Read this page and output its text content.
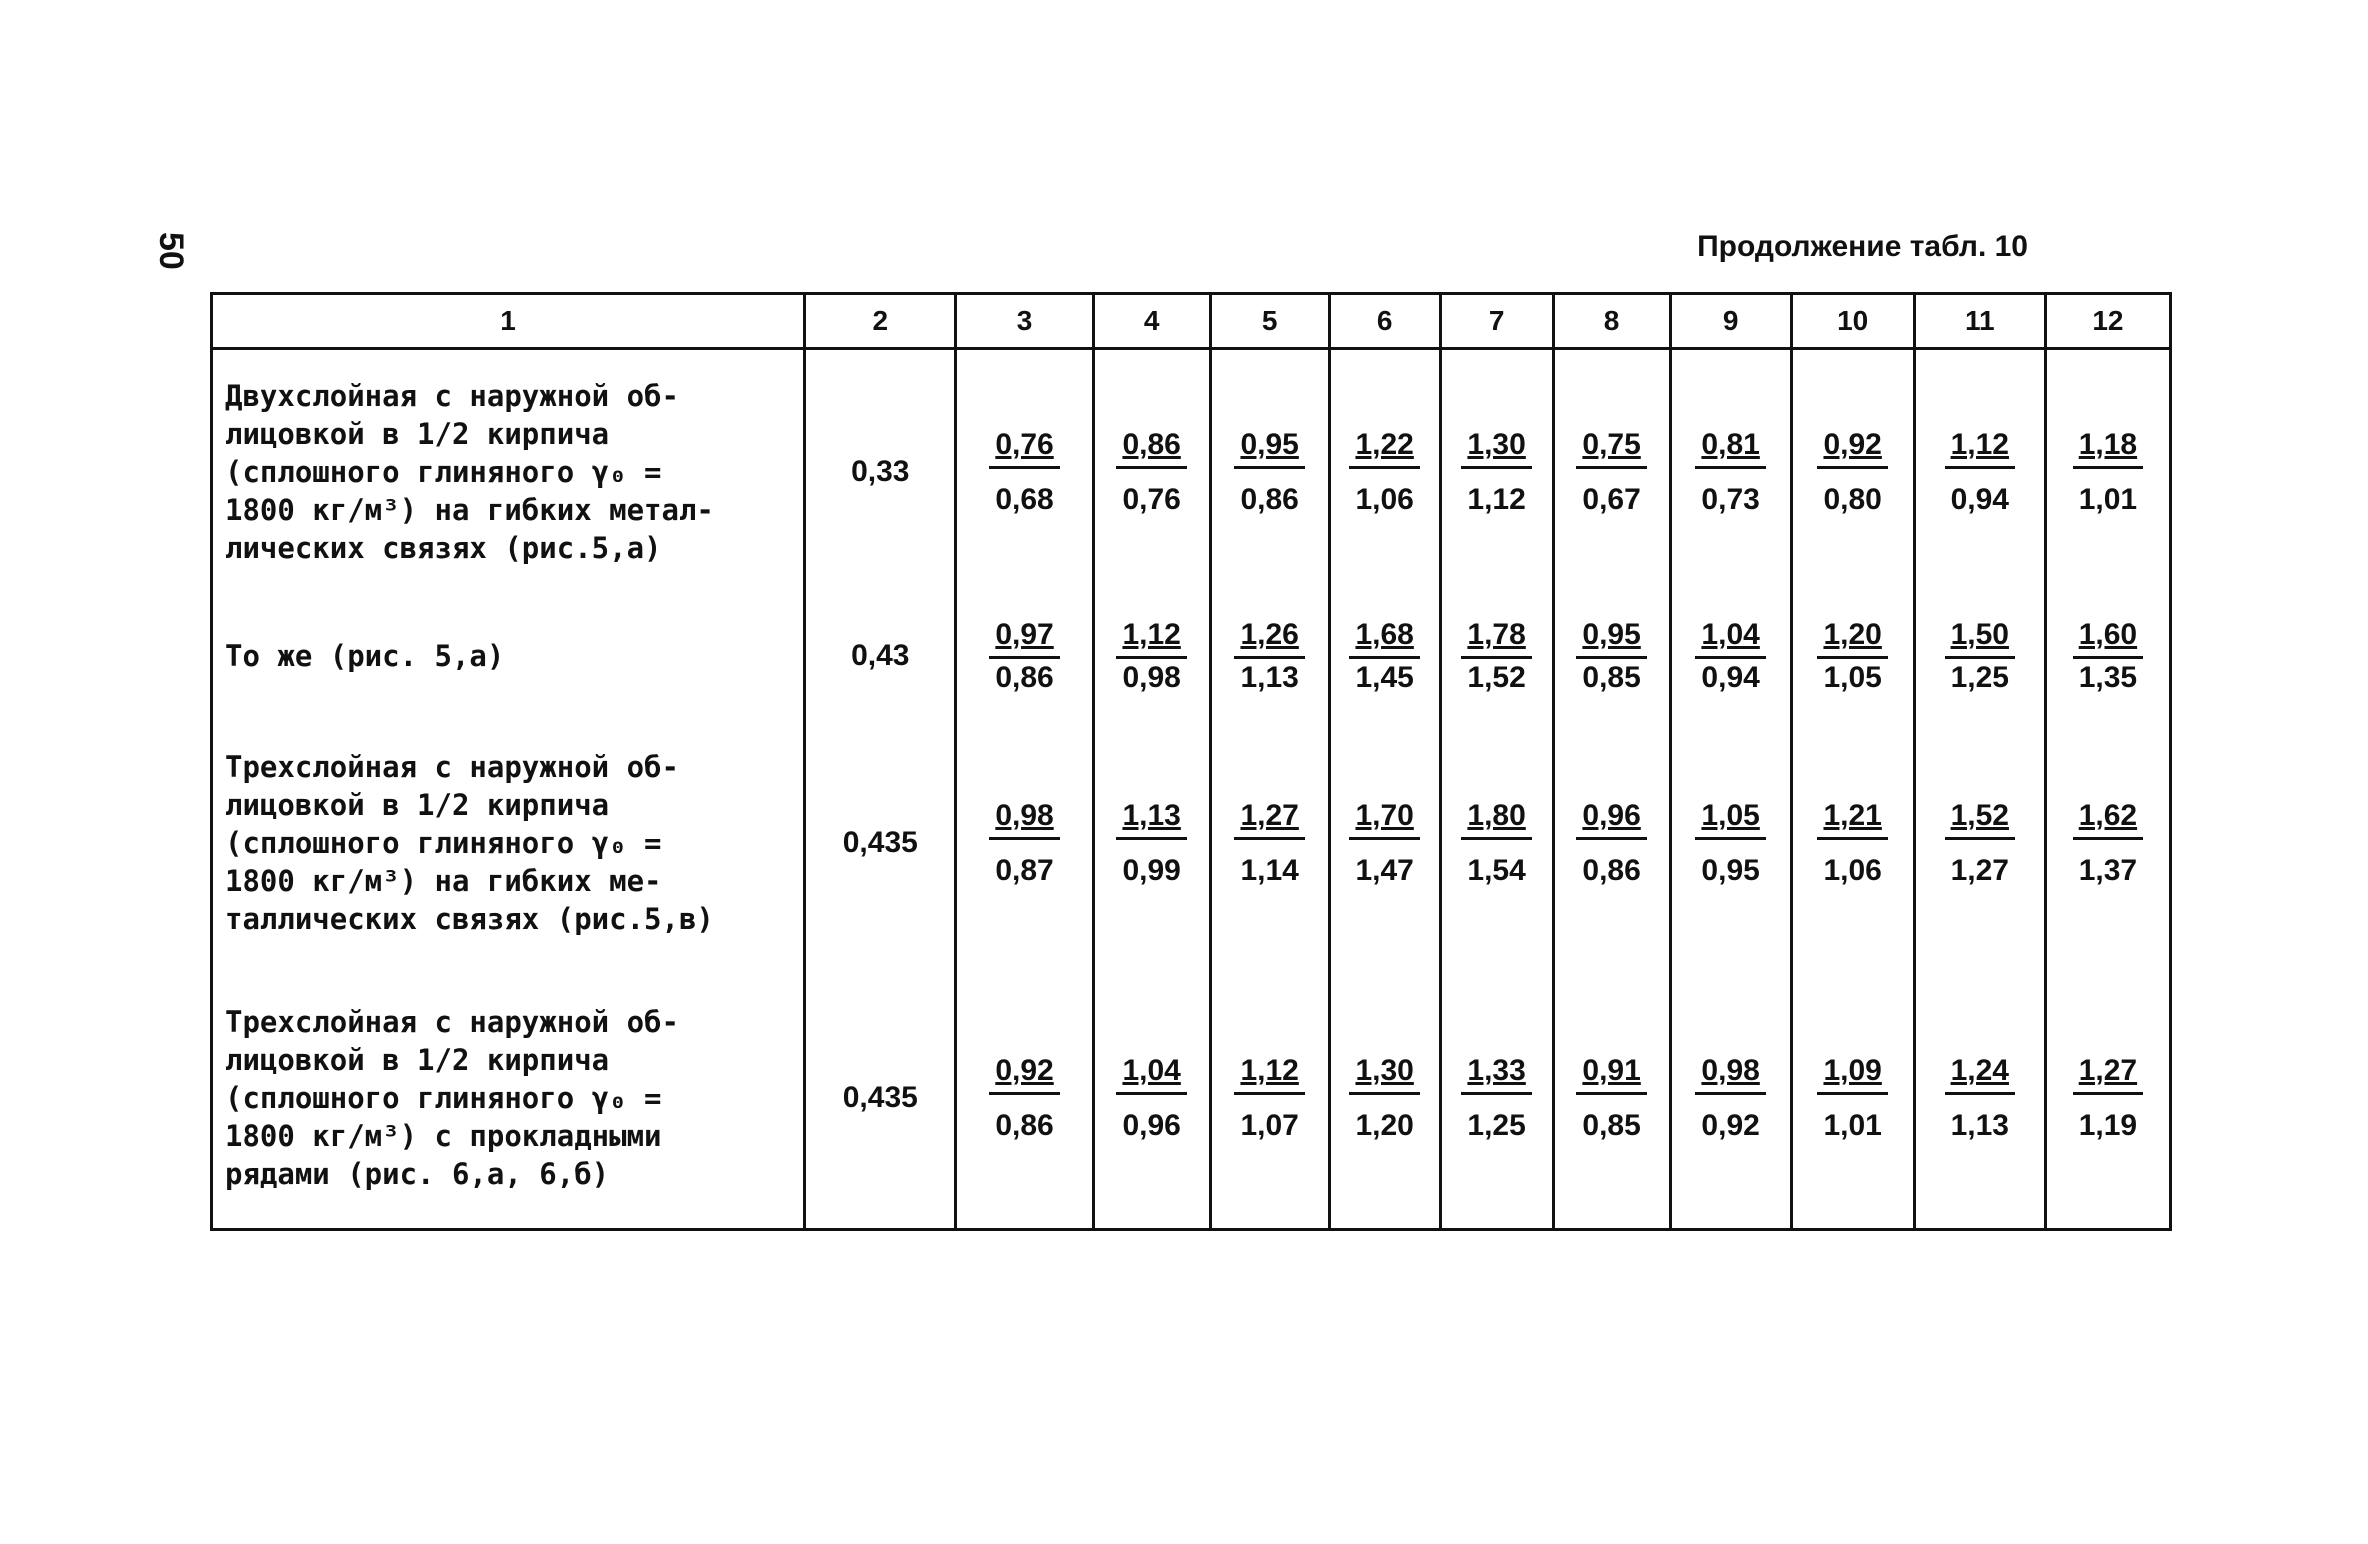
50	Продолжение табл. 10
1	2	3	4	5	6	7	8	9	10	11	12
Двухслойная с наружной об-
лицовкой в 1/2 кирпича
(сплошного глиняного γ₀ =
1800 кг/м³) на гибких метал-
лических связях (рис.5,а)	0,33	$\frac{0,76}{0,68}$	$\frac{0,86}{0,76}$	$\frac{0,95}{0,86}$	$\frac{1,22}{1,06}$	$\frac{1,30}{1,12}$	$\frac{0,75}{0,67}$	$\frac{0,81}{0,73}$	$\frac{0,92}{0,80}$	$\frac{1,12}{0,94}$	$\frac{1,18}{1,01}$

То же (рис. 5,а)	0,43	$\frac{0,97}{0,86}$	$\frac{1,12}{0,98}$	$\frac{1,26}{1,13}$	$\frac{1,68}{1,45}$	$\frac{1,78}{1,52}$	$\frac{0,95}{0,85}$	$\frac{1,04}{0,94}$	$\frac{1,20}{1,05}$	$\frac{1,50}{1,25}$	$\frac{1,60}{1,35}$

Трехслойная с наружной об-
лицовкой в 1/2 кирпича
(сплошного глиняного γ₀ =
1800 кг/м³) на гибких ме-
таллических связях (рис.5,в)	0,435	$\frac{0,98}{0,87}$	$\frac{1,13}{0,99}$	$\frac{1,27}{1,14}$	$\frac{1,70}{1,47}$	$\frac{1,80}{1,54}$	$\frac{0,96}{0,86}$	$\frac{1,05}{0,95}$	$\frac{1,21}{1,06}$	$\frac{1,52}{1,27}$	$\frac{1,62}{1,37}$

Трехслойная с наружной об-
лицовкой в 1/2 кирпича
(сплошного глиняного γ₀ =
1800 кг/м³) с прокладными
рядами (рис. 6,а, 6,б)	0,435	$\frac{0,92}{0,86}$	$\frac{1,04}{0,96}$	$\frac{1,12}{1,07}$	$\frac{1,30}{1,20}$	$\frac{1,33}{1,25}$	$\frac{0,91}{0,85}$	$\frac{0,98}{0,92}$	$\frac{1,09}{1,01}$	$\frac{1,24}{1,13}$	$\frac{1,27}{1,19}$
